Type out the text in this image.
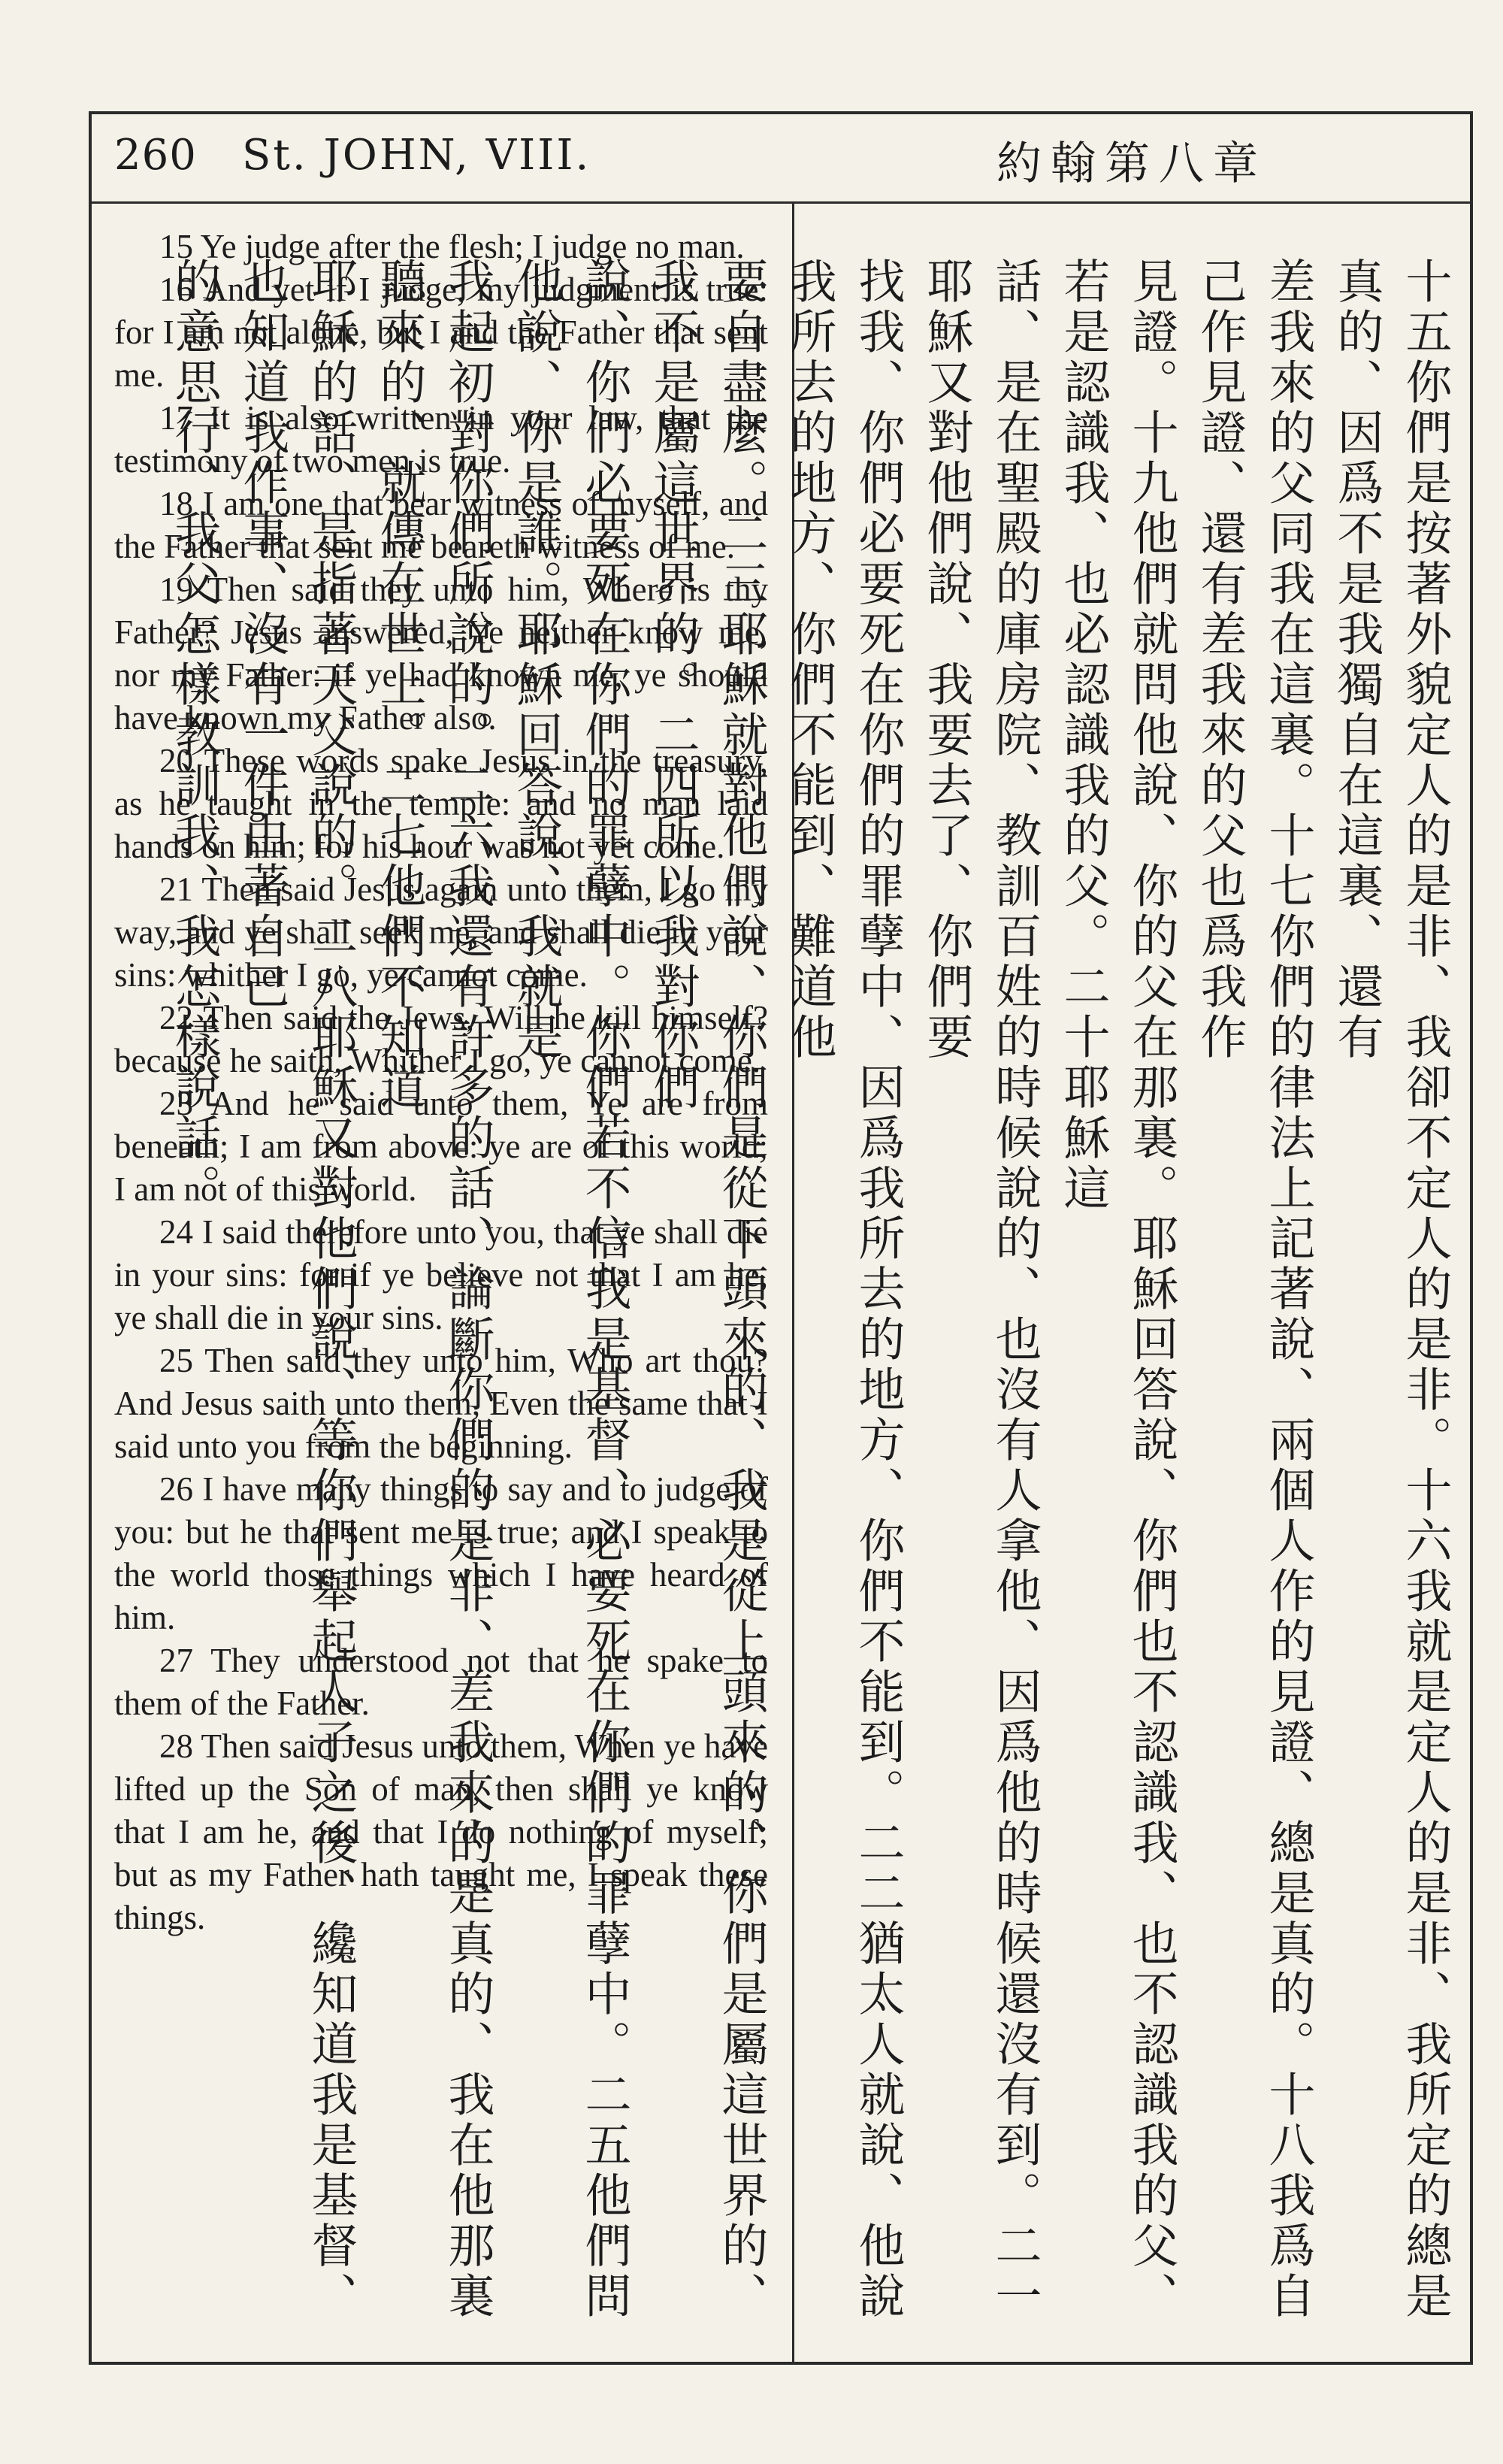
260 St. JOHN, VIII.	約翰第八章

15 Ye judge after the flesh; I judge no man.

16 And yet if I judge, my judgment is true: for I am not alone, but I and the Father that sent me.

17 It is also written in your law, that the testimony of two men is true.

18 I am one that bear witness of myself, and the Father that sent me beareth witness of me.

19 Then said they unto him, Where is thy Father? Jesus answered, Ye neither know me, nor my Father: if ye had known me, ye should have known my Father also.

20 These words spake Jesus in the treasury, as he taught in the temple: and no man laid hands on him; for his hour was not yet come.

21 Then said Jesus again unto them, I go my way, and ye shall seek me, and shall die in your sins: whither I go, ye cannot come.

22 Then said the Jews, Will he kill himself? because he saith, Whither I go, ye cannot come.

23 And he said unto them, Ye are from beneath; I am from above: ye are of this world; I am not of this world.

24 I said therefore unto you, that ye shall die in your sins: for if ye believe not that I am he, ye shall die in your sins.

25 Then said they unto him, Who art thou? And Jesus saith unto them, Even the same that I said unto you from the beginning.

26 I have many things to say and to judge of you: but he that sent me is true; and I speak to the world those things which I have heard of him.

27 They understood not that he spake to them of the Father.

28 Then said Jesus unto them, When ye have lifted up the Son of man, then shall ye know that I am he, and that I do nothing of myself; but as my Father hath taught me, I speak these things.	十五你們是按著外貌定人的是非、我卻不定人的是非。十六我就是定人的是非、我所定的總是真的、因爲不是我獨自在這裏、還有
差我來的父同我在這裏。十七你們的律法上記著說、兩個人作的見證、總是真的。十八我爲自己作見證、還有差我來的父也爲我作
見證。十九他們就問他說、你的父在那裏。耶穌回答說、你們也不認識我、也不認識我的父、若是認識我、也必認識我的父。二十耶穌這
話、是在聖殿的庫房院、教訓百姓的時候說的、也沒有人拿他、因爲他的時候還沒有到。二一耶穌又對他們說、我要去了、你們要
找我、你們必要死在你們的罪孽中、因爲我所去的地方、你們不能到。二二猶太人就說、他說我所去的地方、你們不能到、難道他
要自盡麼。二三耶穌就對他們說、你們是從下頭來的、我是從上頭來的、你們是屬這世界的、我不是屬這世界的。二四所以我對你們
說、你們必要死在你們的罪孽中。你們若不信我是基督、必要死在你們的罪孽中。二五他們問他說、你是誰。耶穌回答說、我就是
我起初對你們所說的。二六我還有許多的話、論斷你們的是非、差我來的是真的、我在他那裏聽來的、就傳在世上。二七他們不知道
耶穌的話、是指著天父說的。二八耶穌又對他們說、等你們舉起人子之後、纔知道我是基督、也知道我作事、沒有一件由著自己
的意思行、我父怎樣教訓我、我怎樣說話。
